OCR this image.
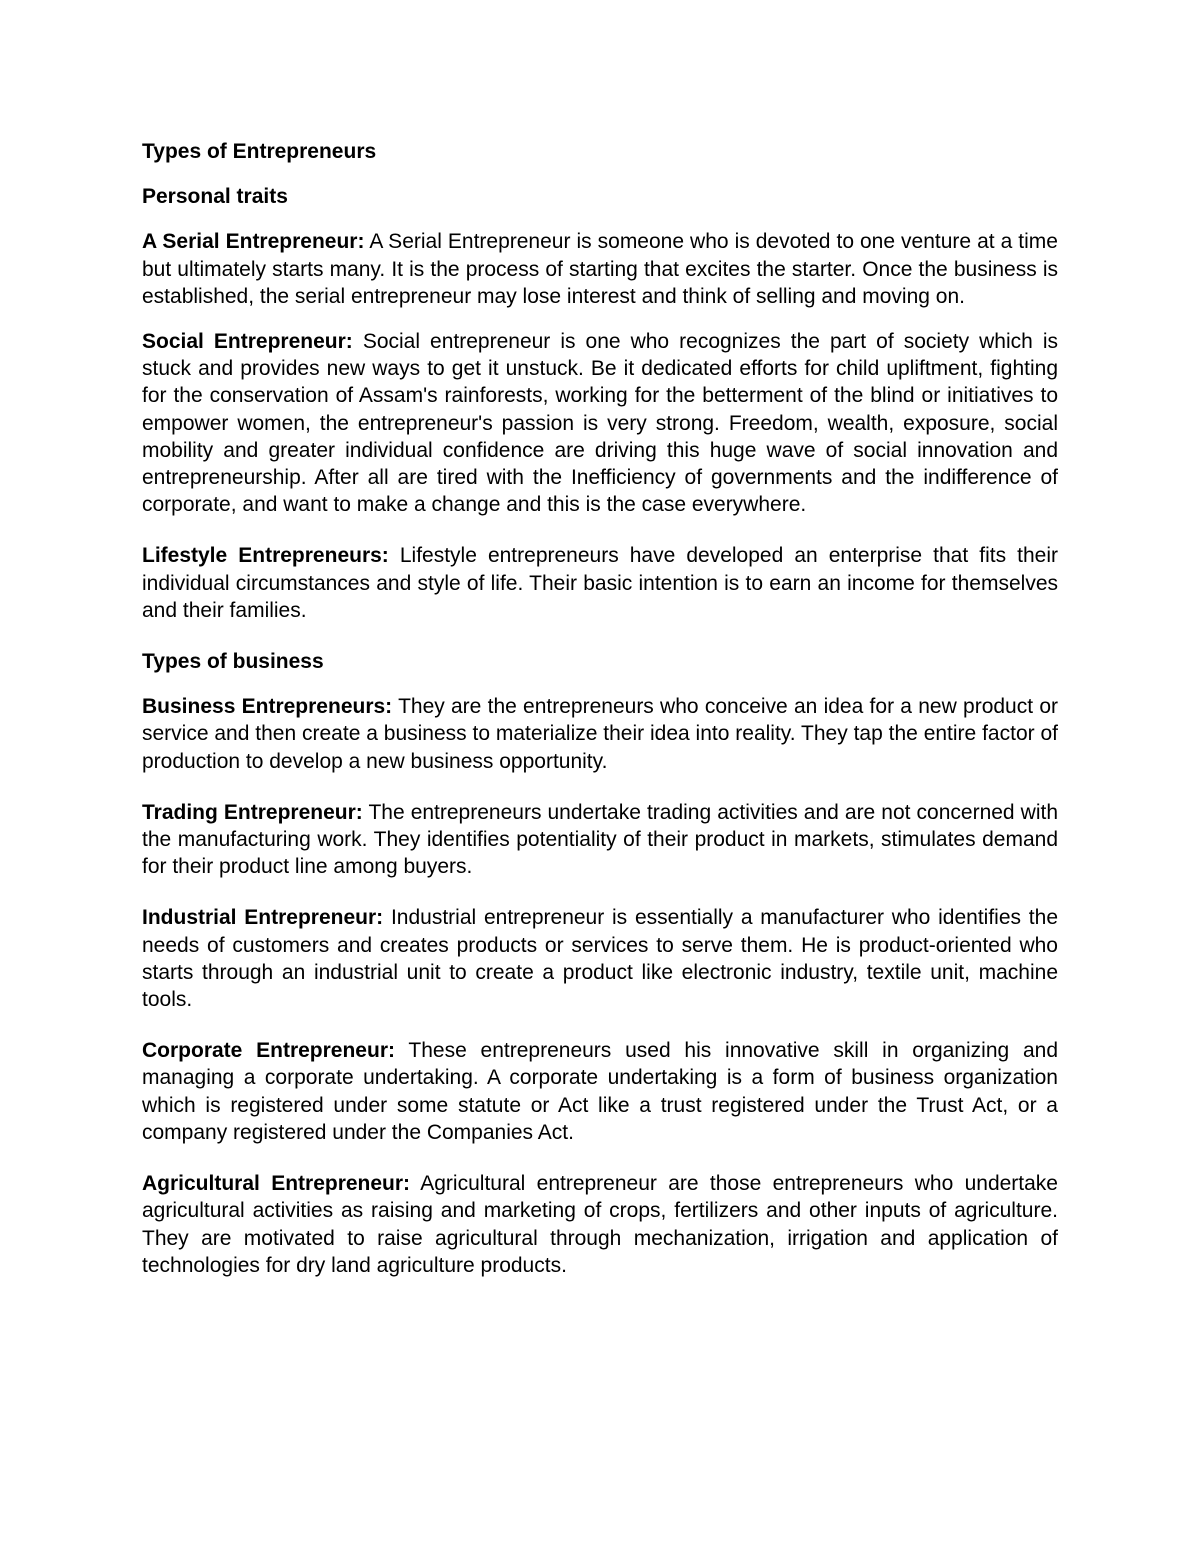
Types of Entrepreneurs
Personal traits

A Serial Entrepreneur: A Serial Entrepreneur is someone who is devoted to one venture at a time but ultimately starts many. It is the process of starting that excites the starter. Once the business is established, the serial entrepreneur may lose interest and think of selling and moving on.

Social Entrepreneur: Social entrepreneur is one who recognizes the part of society which is stuck and provides new ways to get it unstuck. Be it dedicated efforts for child upliftment, fighting for the conservation of Assam's rainforests, working for the betterment of the blind or initiatives to empower women, the entrepreneur's passion is very strong. Freedom, wealth, exposure, social mobility and greater individual confidence are driving this huge wave of social innovation and entrepreneurship. After all are tired with the Inefficiency of governments and the indifference of corporate, and want to make a change and this is the case everywhere.

Lifestyle Entrepreneurs: Lifestyle entrepreneurs have developed an enterprise that fits their individual circumstances and style of life. Their basic intention is to earn an income for themselves and their families.

Types of business

Business Entrepreneurs: They are the entrepreneurs who conceive an idea for a new product or service and then create a business to materialize their idea into reality. They tap the entire factor of production to develop a new business opportunity.

Trading Entrepreneur: The entrepreneurs undertake trading activities and are not concerned with the manufacturing work. They identifies potentiality of their product in markets, stimulates demand for their product line among buyers.

Industrial Entrepreneur: Industrial entrepreneur is essentially a manufacturer who identifies the needs of customers and creates products or services to serve them. He is product-oriented who starts through an industrial unit to create a product like electronic industry, textile unit, machine tools.

Corporate Entrepreneur: These entrepreneurs used his innovative skill in organizing and managing a corporate undertaking. A corporate undertaking is a form of business organization which is registered under some statute or Act like a trust registered under the Trust Act, or a company registered under the Companies Act.

Agricultural Entrepreneur: Agricultural entrepreneur are those entrepreneurs who undertake agricultural activities as raising and marketing of crops, fertilizers and other inputs of agriculture. They are motivated to raise agricultural through mechanization, irrigation and application of technologies for dry land agriculture products.
